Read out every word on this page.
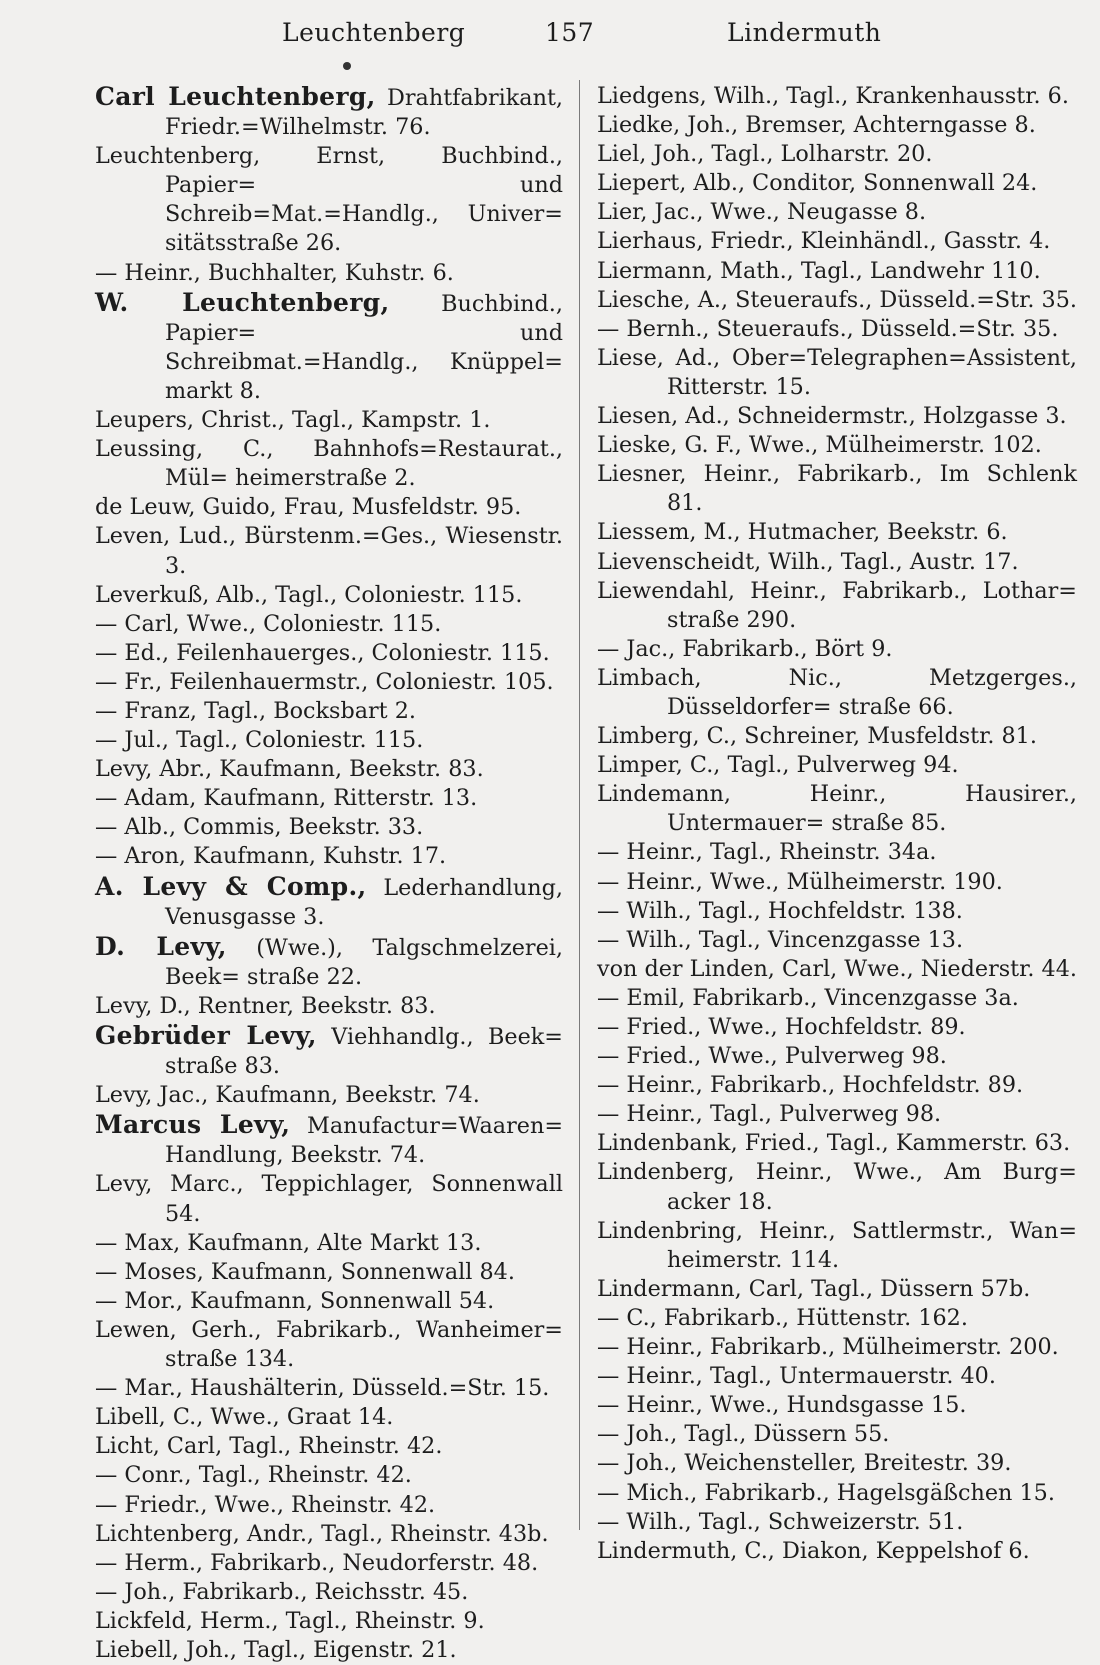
Leuchtenberg	157	Lindermuth
Carl Leuchtenberg, Drahtfabrikant, Friedr.=Wilhelmstr. 76.
Leuchtenberg, Ernst, Buchbind., Papier= und Schreib=Mat.=Handlg., Univer= sitätsstraße 26.
— Heinr., Buchhalter, Kuhstr. 6.
W. Leuchtenberg, Buchbind., Papier= und Schreibmat.=Handlg., Knüppel= markt 8.
Leupers, Christ., Tagl., Kampstr. 1.
Leussing, C., Bahnhofs=Restaurat., Mül= heimerstraße 2.
de Leuw, Guido, Frau, Musfeldstr. 95.
Leven, Lud., Bürstenm.=Ges., Wiesenstr. 3.
Leverkuß, Alb., Tagl., Coloniestr. 115.
— Carl, Wwe., Coloniestr. 115.
— Ed., Feilenhauerges., Coloniestr. 115.
— Fr., Feilenhauermstr., Coloniestr. 105.
— Franz, Tagl., Bocksbart 2.
— Jul., Tagl., Coloniestr. 115.
Levy, Abr., Kaufmann, Beekstr. 83.
— Adam, Kaufmann, Ritterstr. 13.
— Alb., Commis, Beekstr. 33.
— Aron, Kaufmann, Kuhstr. 17.
A. Levy & Comp., Lederhandlung, Venusgasse 3.
D. Levy, (Wwe.), Talgschmelzerei, Beek= straße 22.
Levy, D., Rentner, Beekstr. 83.
Gebrüder Levy, Viehhandlg., Beek= straße 83.
Levy, Jac., Kaufmann, Beekstr. 74.
Marcus Levy, Manufactur=Waaren= Handlung, Beekstr. 74.
Levy, Marc., Teppichlager, Sonnenwall 54.
— Max, Kaufmann, Alte Markt 13.
— Moses, Kaufmann, Sonnenwall 84.
— Mor., Kaufmann, Sonnenwall 54.
Lewen, Gerh., Fabrikarb., Wanheimer= straße 134.
— Mar., Haushälterin, Düsseld.=Str. 15.
Libell, C., Wwe., Graat 14.
Licht, Carl, Tagl., Rheinstr. 42.
— Conr., Tagl., Rheinstr. 42.
— Friedr., Wwe., Rheinstr. 42.
Lichtenberg, Andr., Tagl., Rheinstr. 43b.
— Herm., Fabrikarb., Neudorferstr. 48.
— Joh., Fabrikarb., Reichsstr. 45.
Lickfeld, Herm., Tagl., Rheinstr. 9.
Liebell, Joh., Tagl., Eigenstr. 21.
Liedgens, Wilh., Tagl., Krankenhausstr. 6.
Liedke, Joh., Bremser, Achterngasse 8.
Liel, Joh., Tagl., Lolharstr. 20.
Liepert, Alb., Conditor, Sonnenwall 24.
Lier, Jac., Wwe., Neugasse 8.
Lierhaus, Friedr., Kleinhändl., Gasstr. 4.
Liermann, Math., Tagl., Landwehr 110.
Liesche, A., Steueraufs., Düsseld.=Str. 35.
— Bernh., Steueraufs., Düsseld.=Str. 35.
Liese, Ad., Ober=Telegraphen=Assistent, Ritterstr. 15.
Liesen, Ad., Schneidermstr., Holzgasse 3.
Lieske, G. F., Wwe., Mülheimerstr. 102.
Liesner, Heinr., Fabrikarb., Im Schlenk 81.
Liessem, M., Hutmacher, Beekstr. 6.
Lievenscheidt, Wilh., Tagl., Austr. 17.
Liewendahl, Heinr., Fabrikarb., Lothar= straße 290.
— Jac., Fabrikarb., Bört 9.
Limbach, Nic., Metzgerges., Düsseldorfer= straße 66.
Limberg, C., Schreiner, Musfeldstr. 81.
Limper, C., Tagl., Pulverweg 94.
Lindemann, Heinr., Hausirer., Untermauer= straße 85.
— Heinr., Tagl., Rheinstr. 34a.
— Heinr., Wwe., Mülheimerstr. 190.
— Wilh., Tagl., Hochfeldstr. 138.
— Wilh., Tagl., Vincenzgasse 13.
von der Linden, Carl, Wwe., Niederstr. 44.
— Emil, Fabrikarb., Vincenzgasse 3a.
— Fried., Wwe., Hochfeldstr. 89.
— Fried., Wwe., Pulverweg 98.
— Heinr., Fabrikarb., Hochfeldstr. 89.
— Heinr., Tagl., Pulverweg 98.
Lindenbank, Fried., Tagl., Kammerstr. 63.
Lindenberg, Heinr., Wwe., Am Burg= acker 18.
Lindenbring, Heinr., Sattlermstr., Wan= heimerstr. 114.
Lindermann, Carl, Tagl., Düssern 57b.
— C., Fabrikarb., Hüttenstr. 162.
— Heinr., Fabrikarb., Mülheimerstr. 200.
— Heinr., Tagl., Untermauerstr. 40.
— Heinr., Wwe., Hundsgasse 15.
— Joh., Tagl., Düssern 55.
— Joh., Weichensteller, Breitestr. 39.
— Mich., Fabrikarb., Hagelsgäßchen 15.
— Wilh., Tagl., Schweizerstr. 51.
Lindermuth, C., Diakon, Keppelshof 6.
